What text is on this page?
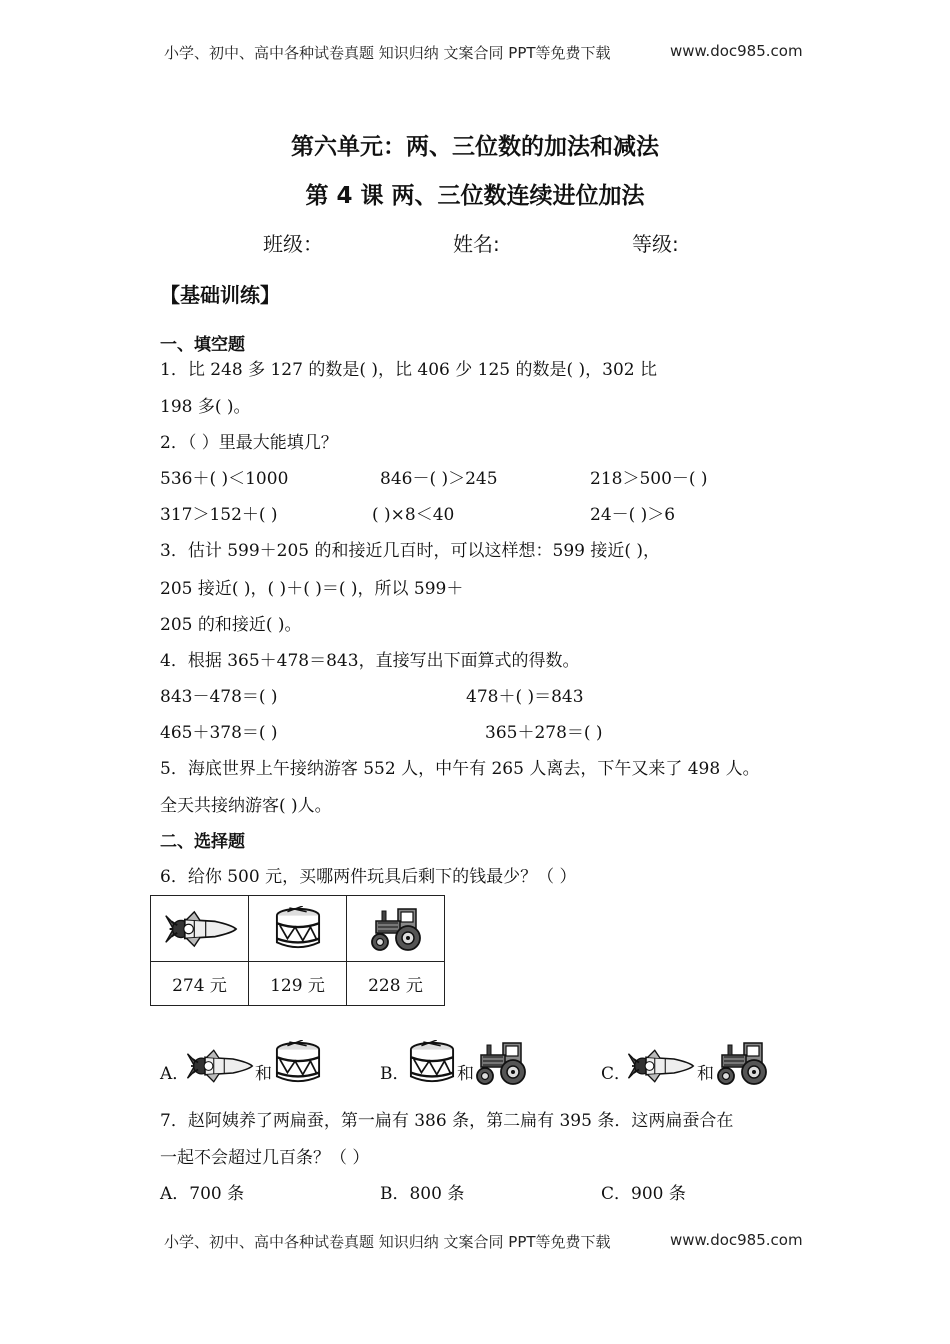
小学、初中、高中各种试卷真题 知识归纳 文案合同 PPT等免费下载	www.doc985.com
第六单元：两、三位数的加法和减法
第 4 课 两、三位数连续进位加法
班级：	姓名:	等级:
【基础训练】
一、填空题
1．比 248 多 127 的数是( )，比 406 少 125 的数是( )，302 比
198 多( )。
2．（ ）里最大能填几？
536＋( )＜1000	846－( )＞245	218＞500－( )
317＞152＋( )	( )×8＜40	24－( )＞6
3．估计 599＋205 的和接近几百时，可以这样想：599 接近( )，
205 接近( )，( )＋( )＝( )，所以 599＋
205 的和接近( )。
4．根据 365＋478＝843，直接写出下面算式的得数。
843－478＝( )	478＋( )＝843
465＋378＝( )	365＋278＝( )
5．海底世界上午接纳游客 552 人，中午有 265 人离去，下午又来了 498 人。
全天共接纳游客( )人。
二、选择题
6．给你 500 元，买哪两件玩具后剩下的钱最少？（ ）

274 元	129 元	228 元
A．	和	B．	和	C．	和
7．赵阿姨养了两扁蚕，第一扁有 386 条，第二扁有 395 条．这两扁蚕合在
一起不会超过几百条？（ ）
A．700 条	B．800 条	C．900 条
小学、初中、高中各种试卷真题 知识归纳 文案合同 PPT等免费下载	www.doc985.com
